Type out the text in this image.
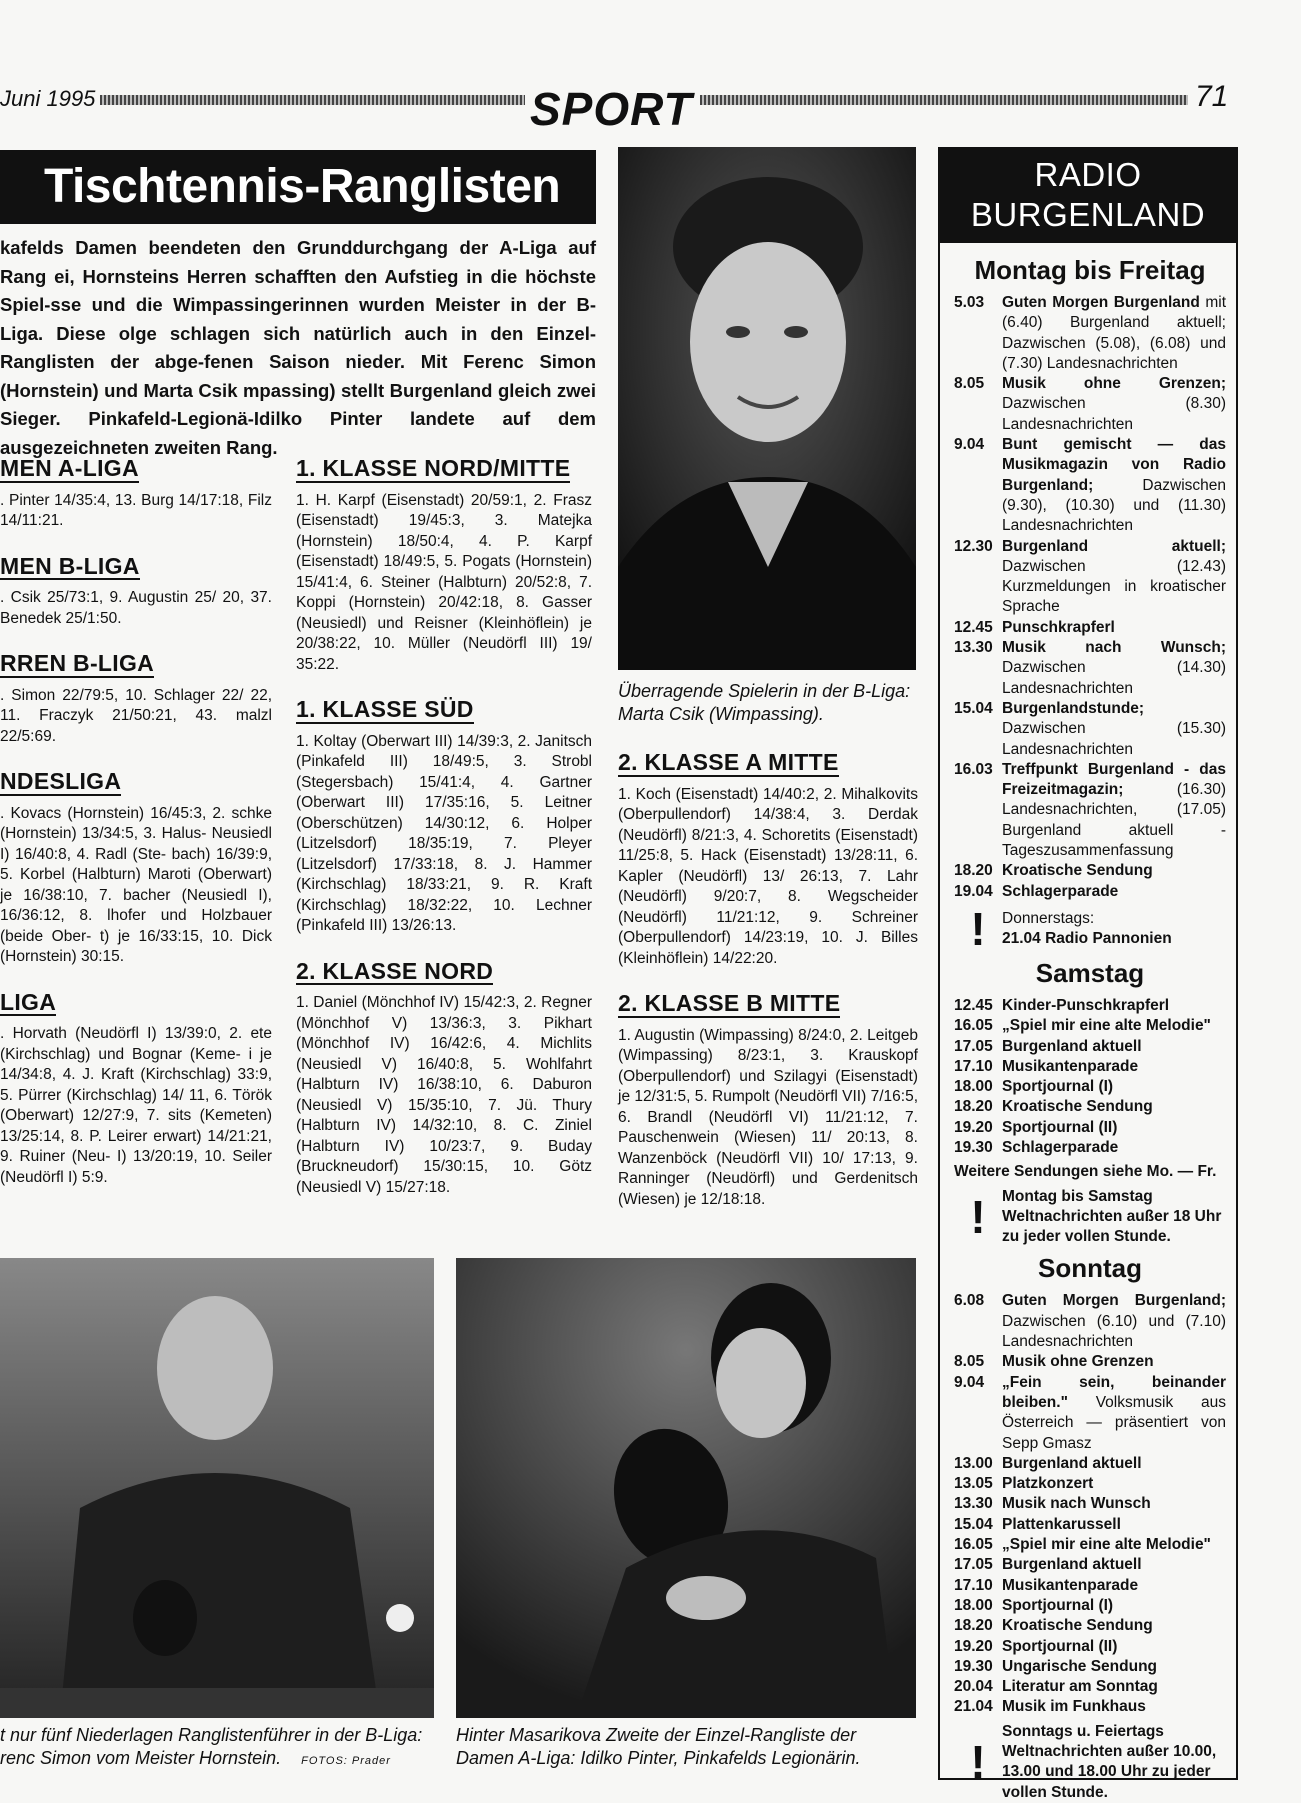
Juni 1995	SPORT	71
Tischtennis-Ranglisten

kafelds Damen beendeten den Grunddurchgang der A-Liga auf Rang ei, Hornsteins Herren schafften den Aufstieg in die höchste Spiel-sse und die Wimpassingerinnen wurden Meister in der B-Liga. Diese olge schlagen sich natürlich auch in den Einzel-Ranglisten der abge-fenen Saison nieder. Mit Ferenc Simon (Hornstein) und Marta Csik mpassing) stellt Burgenland gleich zwei Sieger. Pinkafeld-Legionä-Idilko Pinter landete auf dem ausgezeichneten zweiten Rang.

MEN A-LIGA
. Pinter 14/35:4, 13. Burg 14/17:18, Filz 14/11:21.
MEN B-LIGA
. Csik 25/73:1, 9. Augustin 25/ 20, 37. Benedek 25/1:50.
RREN B-LIGA
. Simon 22/79:5, 10. Schlager 22/ 22, 11. Fraczyk 21/50:21, 43. malzl 22/5:69.
NDESLIGA
. Kovacs (Hornstein) 16/45:3, 2. schke (Hornstein) 13/34:5, 3. Halus- Neusiedl I) 16/40:8, 4. Radl (Ste- bach) 16/39:9, 5. Korbel (Halbturn) Maroti (Oberwart) je 16/38:10, 7. bacher (Neusiedl I), 16/36:12, 8. lhofer und Holzbauer (beide Ober- t) je 16/33:15, 10. Dick (Hornstein) 30:15.
LIGA
. Horvath (Neudörfl I) 13/39:0, 2. ete (Kirchschlag) und Bognar (Keme- i je 14/34:8, 4. J. Kraft (Kirchschlag) 33:9, 5. Pürrer (Kirchschlag) 14/ 11, 6. Török (Oberwart) 12/27:9, 7. sits (Kemeten) 13/25:14, 8. P. Leirer erwart) 14/21:21, 9. Ruiner (Neu- I) 13/20:19, 10. Seiler (Neudörfl I) 5:9.
1. KLASSE NORD/MITTE
1. H. Karpf (Eisenstadt) 20/59:1, 2. Frasz (Eisenstadt) 19/45:3, 3. Matejka (Hornstein) 18/50:4, 4. P. Karpf (Eisenstadt) 18/49:5, 5. Pogats (Hornstein) 15/41:4, 6. Steiner (Halbturn) 20/52:8, 7. Koppi (Hornstein) 20/42:18, 8. Gasser (Neusiedl) und Reisner (Kleinhöflein) je 20/38:22, 10. Müller (Neudörfl III) 19/ 35:22.
1. KLASSE SÜD
1. Koltay (Oberwart III) 14/39:3, 2. Janitsch (Pinkafeld III) 18/49:5, 3. Strobl (Stegersbach) 15/41:4, 4. Gartner (Oberwart III) 17/35:16, 5. Leitner (Oberschützen) 14/30:12, 6. Holper (Litzelsdorf) 18/35:19, 7. Pleyer (Litzelsdorf) 17/33:18, 8. J. Hammer (Kirchschlag) 18/33:21, 9. R. Kraft (Kirchschlag) 18/32:22, 10. Lechner (Pinkafeld III) 13/26:13.
2. KLASSE NORD
1. Daniel (Mönchhof IV) 15/42:3, 2. Regner (Mönchhof V) 13/36:3, 3. Pikhart (Mönchhof IV) 16/42:6, 4. Michlits (Neusiedl V) 16/40:8, 5. Wohlfahrt (Halbturn IV) 16/38:10, 6. Daburon (Neusiedl V) 15/35:10, 7. Jü. Thury (Halbturn IV) 14/32:10, 8. C. Ziniel (Halbturn IV) 10/23:7, 9. Buday (Bruckneudorf) 15/30:15, 10. Götz (Neusiedl V) 15/27:18.
Überragende Spielerin in der B-Liga: Marta Csik (Wimpassing).
2. KLASSE A MITTE
1. Koch (Eisenstadt) 14/40:2, 2. Mihalkovits (Oberpullendorf) 14/38:4, 3. Derdak (Neudörfl) 8/21:3, 4. Schoretits (Eisenstadt) 11/25:8, 5. Hack (Eisenstadt) 13/28:11, 6. Kapler (Neudörfl) 13/ 26:13, 7. Lahr (Neudörfl) 9/20:7, 8. Wegscheider (Neudörfl) 11/21:12, 9. Schreiner (Oberpullendorf) 14/23:19, 10. J. Billes (Kleinhöflein) 14/22:20.
2. KLASSE B MITTE
1. Augustin (Wimpassing) 8/24:0, 2. Leitgeb (Wimpassing) 8/23:1, 3. Krauskopf (Oberpullendorf) und Szilagyi (Eisenstadt) je 12/31:5, 5. Rumpolt (Neudörfl VII) 7/16:5, 6. Brandl (Neudörfl VI) 11/21:12, 7. Pauschenwein (Wiesen) 11/ 20:13, 8. Wanzenböck (Neudörfl VII) 10/ 17:13, 9. Ranninger (Neudörfl) und Gerdenitsch (Wiesen) je 12/18:18.
t nur fünf Niederlagen Ranglistenführer in der B-Liga: renc Simon vom Meister Hornstein. FOTOS: Prader
Hinter Masarikova Zweite der Einzel-Rangliste der Damen A-Liga: Idilko Pinter, Pinkafelds Legionärin.
RADIO
BURGENLAND
Montag bis Freitag
5.03	Guten Morgen Burgenland mit (6.40) Burgenland aktuell; Dazwischen (5.08), (6.08) und (7.30) Landesnachrichten
8.05	Musik ohne Grenzen; Dazwischen (8.30) Landesnachrichten
9.04	Bunt gemischt — das Musikmagazin von Radio Burgenland; Dazwischen (9.30), (10.30) und (11.30) Landesnachrichten
12.30 Burgenland aktuell; Dazwischen (12.43) Kurzmeldungen in kroatischer Sprache
12.45 Punschkrapferl
13.30 Musik nach Wunsch; Dazwischen (14.30) Landesnachrichten
15.04 Burgenlandstunde; Dazwischen (15.30) Landesnachrichten
16.03 Treffpunkt Burgenland - das Freizeitmagazin; (16.30) Landesnachrichten, (17.05) Burgenland aktuell - Tageszusammenfassung
18.20 Kroatische Sendung
19.04 Schlagerparade
!	Donnerstags:
21.04 Radio Pannonien
Samstag
12.45 Kinder-Punschkrapferl
16.05 „Spiel mir eine alte Melodie"
17.05 Burgenland aktuell
17.10 Musikantenparade
18.00 Sportjournal (I)
18.20 Kroatische Sendung
19.20 Sportjournal (II)
19.30 Schlagerparade
Weitere Sendungen siehe Mo. — Fr.
!	Montag bis Samstag Weltnachrichten außer 18 Uhr zu jeder vollen Stunde.
Sonntag
6.08	Guten Morgen Burgenland; Dazwischen (6.10) und (7.10) Landesnachrichten
8.05	Musik ohne Grenzen
9.04	„Fein sein, beinander bleiben." Volksmusik aus Österreich — präsentiert von Sepp Gmasz
13.00 Burgenland aktuell
13.05 Platzkonzert
13.30 Musik nach Wunsch
15.04 Plattenkarussell
16.05 „Spiel mir eine alte Melodie"
17.05 Burgenland aktuell
17.10 Musikantenparade
18.00 Sportjournal (I)
18.20 Kroatische Sendung
19.20 Sportjournal (II)
19.30 Ungarische Sendung
20.04 Literatur am Sonntag
21.04 Musik im Funkhaus
!
Sonntags u. Feiertags Weltnachrichten außer 10.00, 13.00 und 18.00 Uhr zu jeder vollen Stunde.
